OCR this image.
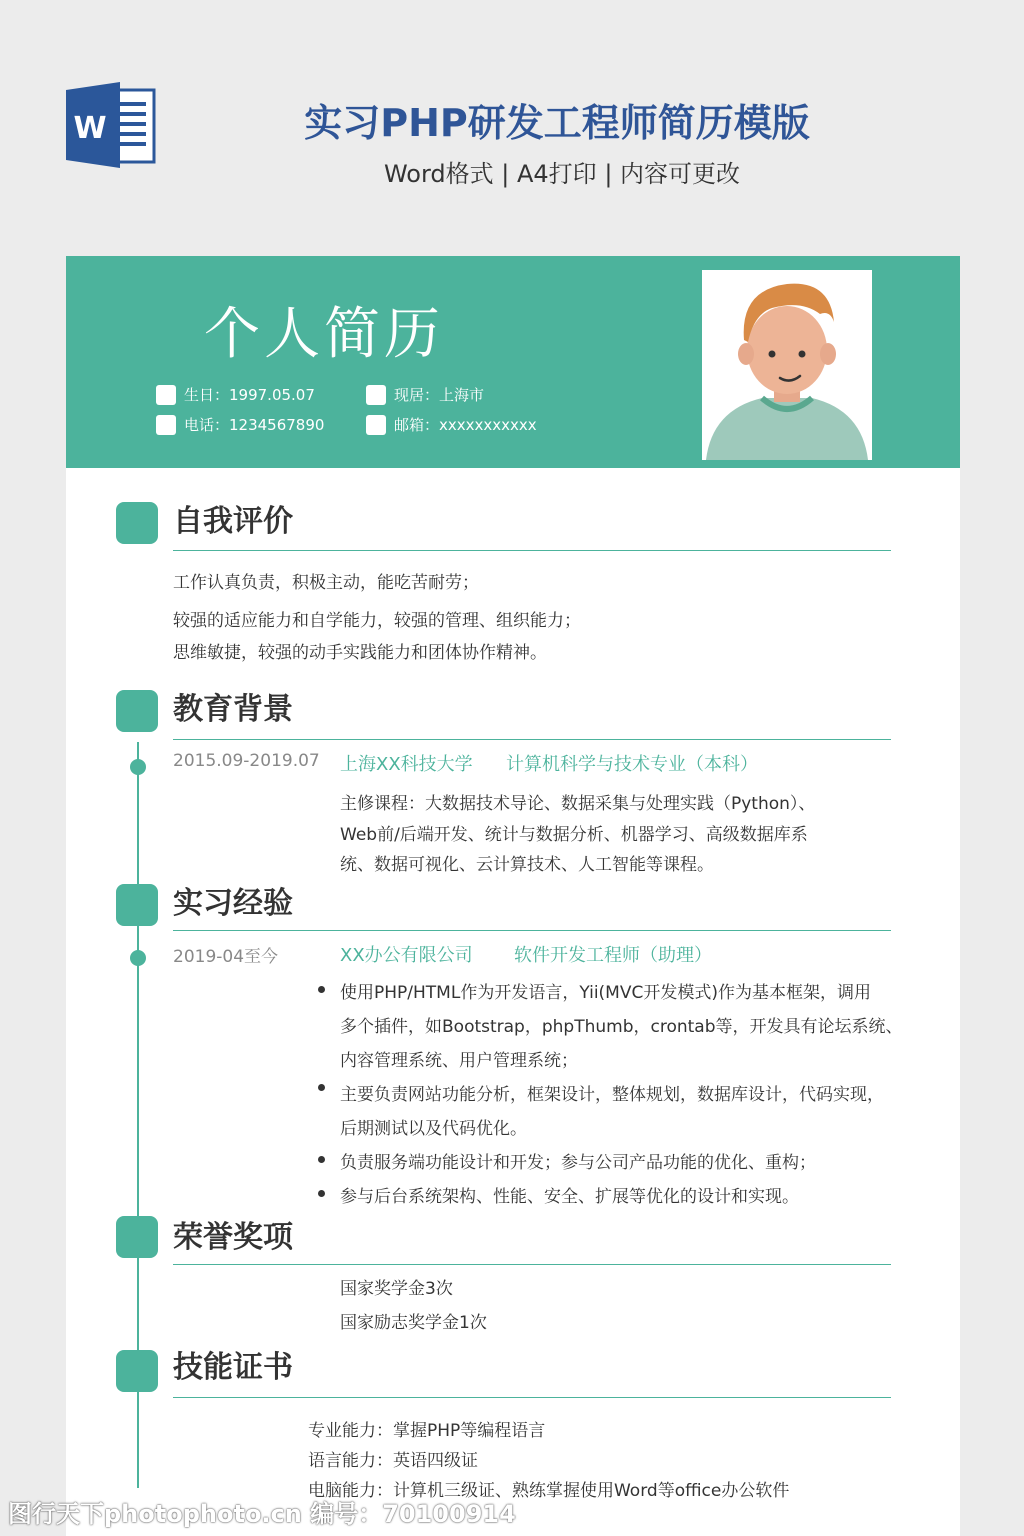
W	实习PHP研发工程师简历模版
Word格式 | A4打印 | 内容可更改
个人简历
生日：1997.05.07	现居：上海市
电话：1234567890	邮箱：xxxxxxxxxxx
自我评价
工作认真负责，积极主动，能吃苦耐劳；
较强的适应能力和自学能力，较强的管理、组织能力；
思维敏捷，较强的动手实践能力和团体协作精神。
教育背景
2015.09-2019.07 上海XX科技大学 计算机科学与技术专业（本科）
主修课程：大数据技术导论、数据采集与处理实践（Python）、
Web前/后端开发、统计与数据分析、机器学习、高级数据库系
统、数据可视化、云计算技术、人工智能等课程。
实习经验
2019-04至今	XX办公有限公司 软件开发工程师（助理）
使用PHP/HTML作为开发语言，Yii(MVC开发模式)作为基本框架，调用
多个插件，如Bootstrap，phpThumb，crontab等，开发具有论坛系统、
内容管理系统、用户管理系统；
主要负责网站功能分析，框架设计，整体规划，数据库设计，代码实现，
后期测试以及代码优化。
负责服务端功能设计和开发；参与公司产品功能的优化、重构；
参与后台系统架构、性能、安全、扩展等优化的设计和实现。
荣誉奖项
国家奖学金3次
国家励志奖学金1次
技能证书
专业能力：掌握PHP等编程语言
语言能力：英语四级证
电脑能力：计算机三级证、熟练掌握使用Word等office办公软件
图行天下photophoto.cn 编号：70100914
